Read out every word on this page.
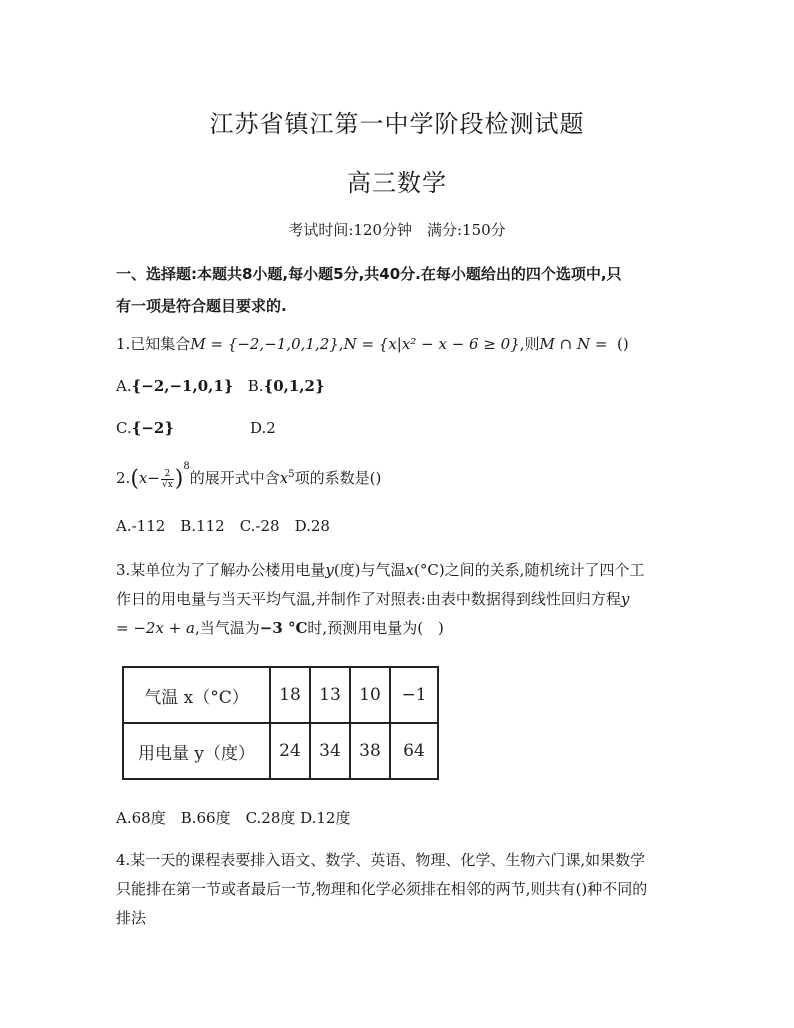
江苏省镇江第一中学阶段检测试题
高三数学
考试时间:120分钟　满分:150分
一、选择题:本题共8小题,每小题5分,共40分.在每小题给出的四个选项中,只
有一项是符合题目要求的.
1.已知集合M = {−2,−1,0,1,2},N = {x|x² − x − 6 ≥ 0},则M ∩ N = ()
A.{−2,−1,0,1} B.{0,1,2}
C.{−2}	D.2
$2.(x- \frac{2}{√x} )^8$的展开式中含$x^5$项的系数是()
A.-112　B.112　C.-28　D.28
3.某单位为了了解办公楼用电量y(度)与气温x(°C)之间的关系,随机统计了四个工
作日的用电量与当天平均气温,并制作了对照表:由表中数据得到线性回归方程y
= −2x + a,当气温为−3 °C时,预测用电量为(　)
气温 x（°C）	18	13	10	−1
用电量 y（度）	24	34	38	64
A.68度　B.66度　C.28度 D.12度
4.某一天的课程表要排入语文、数学、英语、物理、化学、生物六门课,如果数学
只能排在第一节或者最后一节,物理和化学必须排在相邻的两节,则共有()种不同的
排法
